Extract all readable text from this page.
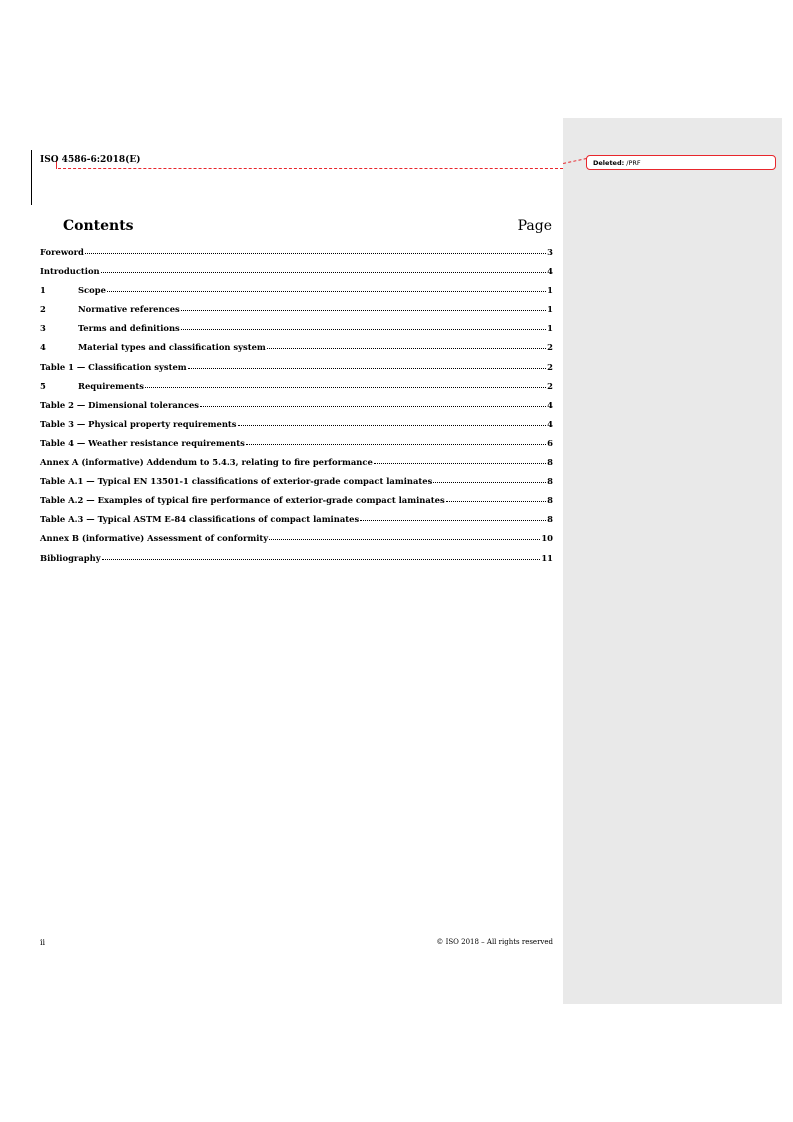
Deleted: /PRF
ISO 4586-6:2018(E)
Contents	Page
Foreword	3
Introduction	4
1	Scope	1
2	Normative references	1
3	Terms and definitions	1
4	Material types and classification system	2
Table 1 — Classification system	2
5	Requirements	2
Table 2 — Dimensional tolerances	4
Table 3 — Physical property requirements	4
Table 4 — Weather resistance requirements	6
Annex A (informative) Addendum to 5.4.3, relating to fire performance	8
Table A.1 — Typical EN 13501-1 classifications of exterior-grade compact laminates	8
Table A.2 — Examples of typical fire performance of exterior-grade compact laminates	8
Table A.3 — Typical ASTM E-84 classifications of compact laminates	8
Annex B (informative) Assessment of conformity	10
Bibliography	11
ii	© ISO 2018 – All rights reserved
